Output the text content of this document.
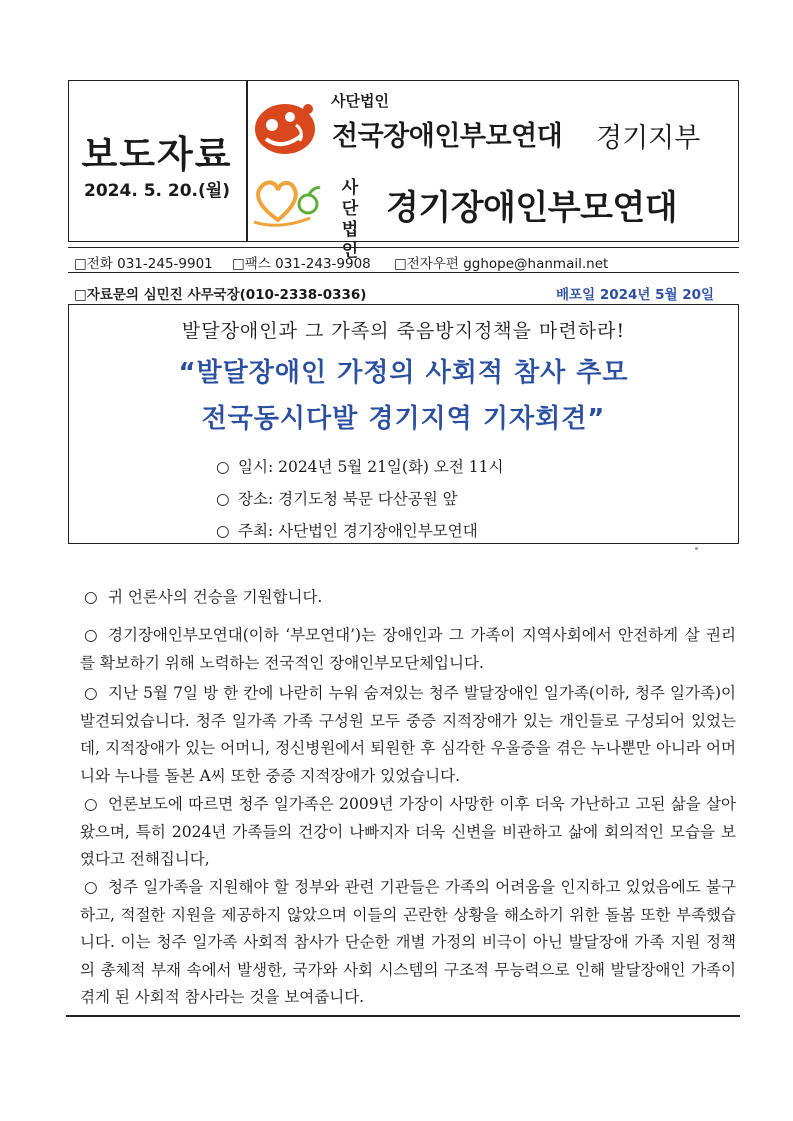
보도자료
2024. 5. 20.(월)
사단법인
전국장애인부모연대 경기지부
사 단
법 인
경기장애인부모연대
□전화 031-245-9901 □팩스 031-243-9908 □전자우편 gghope@hanmail.net
□자료문의 심민진 사무국장(010-2338-0336)	배포일 2024년 5월 20일
발달장애인과 그 가족의 죽음방지정책을 마련하라!
“발달장애인 가정의 사회적 참사 추모
전국동시다발 경기지역 기자회견”
○ 일시: 2024년 5월 21일(화) 오전 11시
○ 장소: 경기도청 북문 다산공원 앞
○ 주최: 사단법인 경기장애인부모연대
○ 귀 언론사의 건승을 기원합니다.
○ 경기장애인부모연대(이하 ‘부모연대’)는 장애인과 그 가족이 지역사회에서 안전하게 살 권리를 확보하기 위해 노력하는 전국적인 장애인부모단체입니다.
○ 지난 5월 7일 방 한 칸에 나란히 누워 숨져있는 청주 발달장애인 일가족(이하, 청주 일가족)이 발견되었습니다. 청주 일가족 가족 구성원 모두 중증 지적장애가 있는 개인들로 구성되어 있었는데, 지적장애가 있는 어머니, 정신병원에서 퇴원한 후 심각한 우울증을 겪은 누나뿐만 아니라 어머니와 누나를 돌본 A씨 또한 중증 지적장애가 있었습니다.
○ 언론보도에 따르면 청주 일가족은 2009년 가장이 사망한 이후 더욱 가난하고 고된 삶을 살아왔으며, 특히 2024년 가족들의 건강이 나빠지자 더욱 신변을 비관하고 삶에 회의적인 모습을 보였다고 전해집니다,
○ 청주 일가족을 지원해야 할 정부와 관련 기관들은 가족의 어려움을 인지하고 있었음에도 불구하고, 적절한 지원을 제공하지 않았으며 이들의 곤란한 상황을 해소하기 위한 돌봄 또한 부족했습니다. 이는 청주 일가족 사회적 참사가 단순한 개별 가정의 비극이 아닌 발달장애 가족 지원 정책의 총체적 부재 속에서 발생한, 국가와 사회 시스템의 구조적 무능력으로 인해 발달장애인 가족이 겪게 된 사회적 참사라는 것을 보여줍니다.
